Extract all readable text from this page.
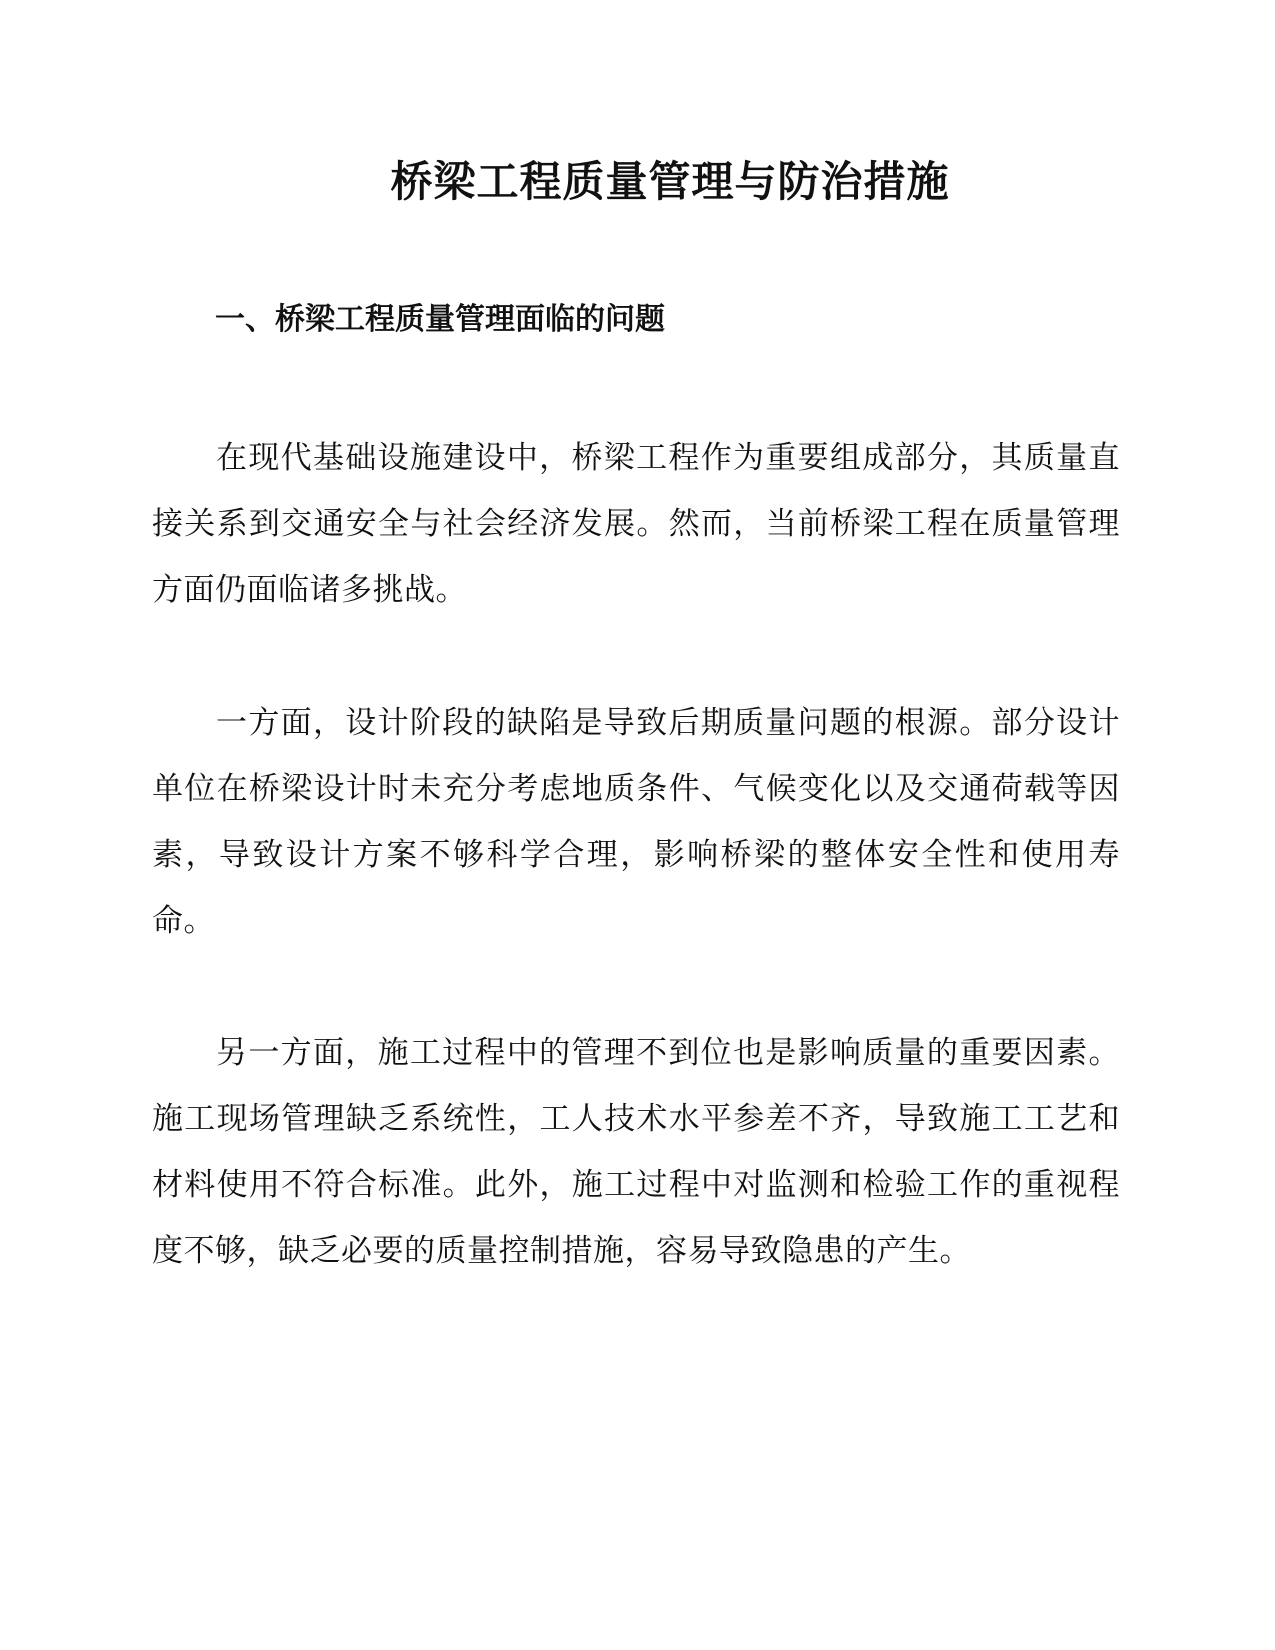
桥梁工程质量管理与防治措施
一、桥梁工程质量管理面临的问题

在现代基础设施建设中，桥梁工程作为重要组成部分，其质量直接关系到交通安全与社会经济发展。然而，当前桥梁工程在质量管理方面仍面临诸多挑战。

一方面，设计阶段的缺陷是导致后期质量问题的根源。部分设计单位在桥梁设计时未充分考虑地质条件、气候变化以及交通荷载等因素，导致设计方案不够科学合理，影响桥梁的整体安全性和使用寿命。

另一方面，施工过程中的管理不到位也是影响质量的重要因素。施工现场管理缺乏系统性，工人技术水平参差不齐，导致施工工艺和材料使用不符合标准。此外，施工过程中对监测和检验工作的重视程度不够，缺乏必要的质量控制措施，容易导致隐患的产生。
